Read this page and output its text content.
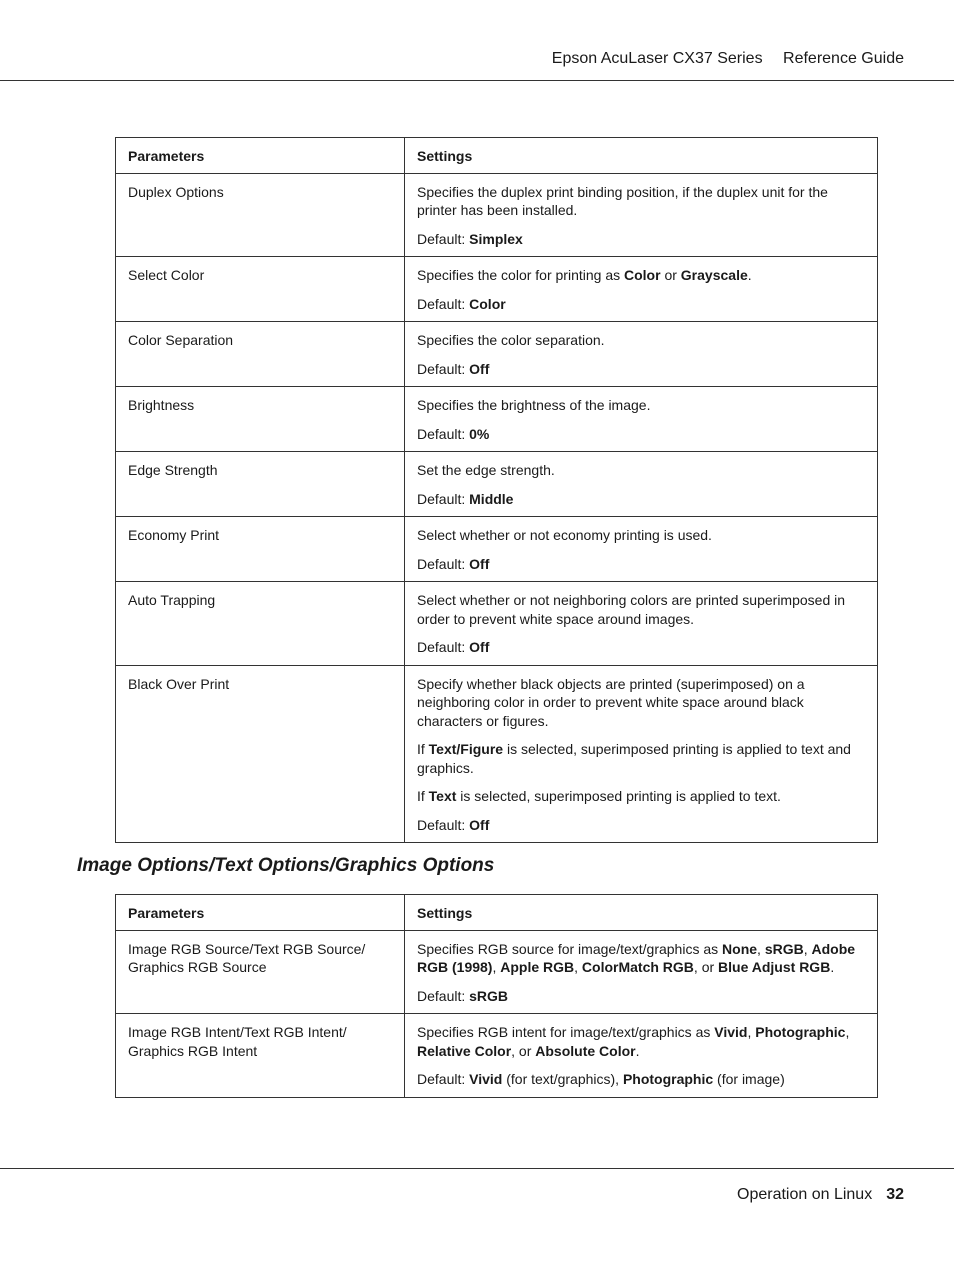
Epson AcuLaser CX37 Series Reference Guide
Parameters	Settings
Duplex Options	Specifies the duplex print binding position, if the duplex unit for the printer has been installed.

Default: Simplex

Select Color	Specifies the color for printing as Color or Grayscale.

Default: Color

Color Separation	Specifies the color separation.

Default: Off

Brightness	Specifies the brightness of the image.

Default: 0%

Edge Strength	Set the edge strength.

Default: Middle

Economy Print	Select whether or not economy printing is used.

Default: Off

Auto Trapping	Select whether or not neighboring colors are printed superimposed in order to prevent white space around images.

Default: Off

Black Over Print	Specify whether black objects are printed (superimposed) on a neighboring color in order to prevent white space around black characters or figures.

If Text/Figure is selected, superimposed printing is applied to text and graphics.

If Text is selected, superimposed printing is applied to text.

Default: Off

Image Options/Text Options/Graphics Options
Parameters	Settings
Image RGB Source/Text RGB Source/ Graphics RGB Source	Specifies RGB source for image/text/graphics as None, sRGB, Adobe RGB (1998), Apple RGB, ColorMatch RGB, or Blue Adjust RGB.

Default: sRGB

Image RGB Intent/Text RGB Intent/ Graphics RGB Intent	Specifies RGB intent for image/text/graphics as Vivid, Photographic, Relative Color, or Absolute Color.

Default: Vivid (for text/graphics), Photographic (for image)

Operation on Linux 32
